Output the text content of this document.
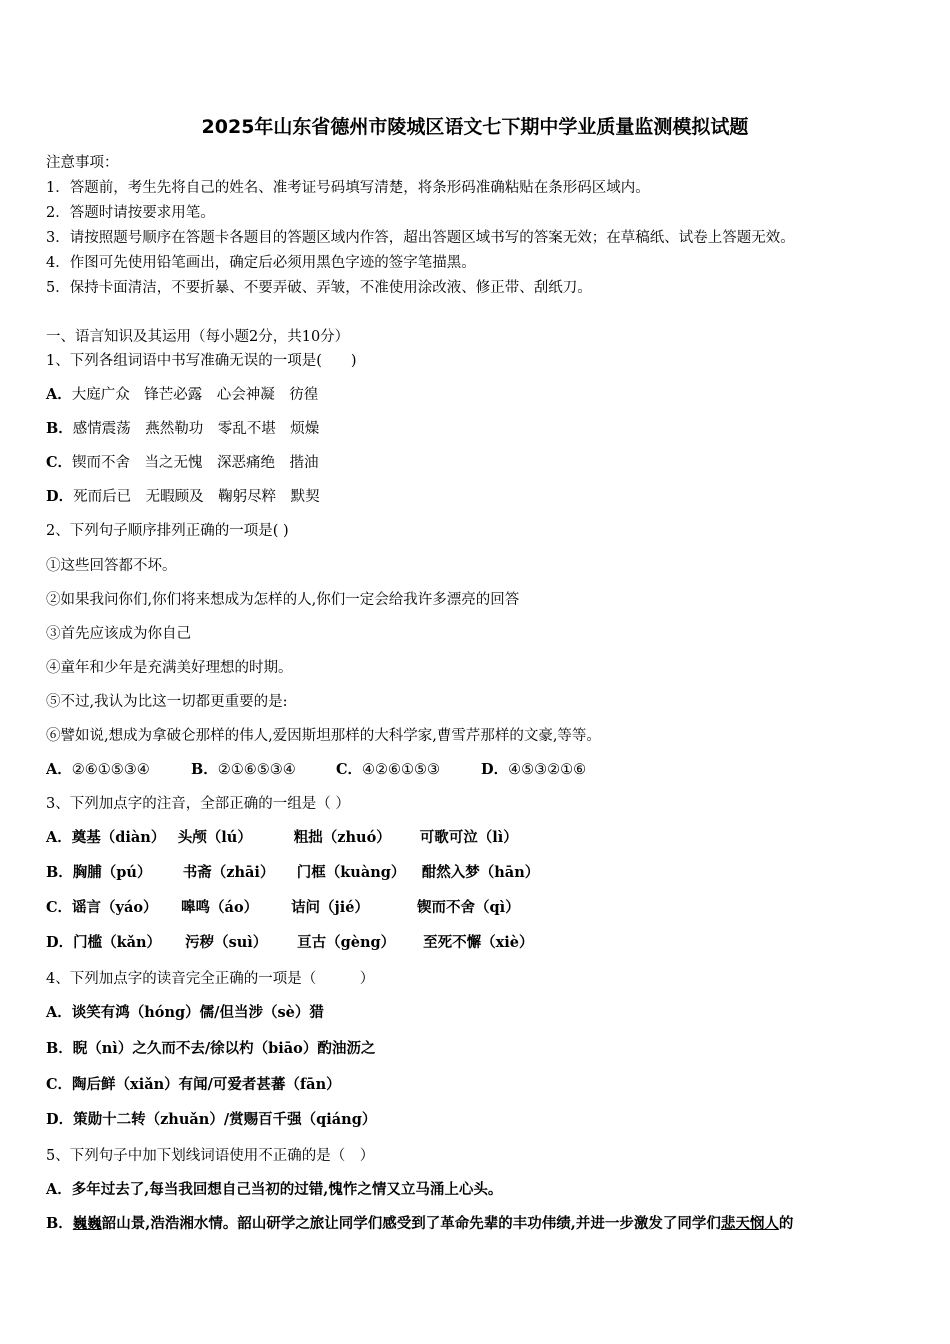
2025年山东省德州市陵城区语文七下期中学业质量监测模拟试题
注意事项：
1．答题前，考生先将自己的姓名、准考证号码填写清楚，将条形码准确粘贴在条形码区域内。
2．答题时请按要求用笔。
3．请按照题号顺序在答题卡各题目的答题区域内作答，超出答题区域书写的答案无效；在草稿纸、试卷上答题无效。
4．作图可先使用铅笔画出，确定后必须用黑色字迹的签字笔描黑。
5．保持卡面清洁，不要折暴、不要弄破、弄皱，不准使用涂改液、修正带、刮纸刀。
一、语言知识及其运用（每小题2分，共10分）
1、下列各组词语中书写准确无误的一项是(　　)
A．大庭广众　锋芒必露　心会神凝　彷徨
B．感情震荡　燕然勒功　零乱不堪　烦燥
C．锲而不舍　当之无愧　深恶痛绝　揩油
D．死而后已　无暇顾及　鞠躬尽粹　默契
2、下列句子顺序排列正确的一项是( )
①这些回答都不坏。
②如果我问你们,你们将来想成为怎样的人,你们一定会给我许多漂亮的回答
③首先应该成为你自己
④童年和少年是充满美好理想的时期。
⑤不过,我认为比这一切都更重要的是:
⑥譬如说,想成为拿破仑那样的伟人,爱因斯坦那样的大科学家,曹雪芹那样的文豪,等等。
A．②⑥①⑤③④	B．②①⑥⑤③④	C．④②⑥①⑤③	D．④⑤③②①⑥
3、下列加点字的注音，全部正确的一组是（ ）
A．奠基（diàn） 头颅（lú）	粗拙（zhuó） 可歌可泣（lì）
B．胸脯（pú） 书斋（zhāi） 门框（kuàng） 酣然入梦（hān）
C．谣言（yáo） 嗥鸣（áo） 诘问（jié）	锲而不舍（qì）
D．门槛（kǎn） 污秽（suì） 亘古（gèng） 至死不懈（xiè）
4、下列加点字的读音完全正确的一项是（　　　）
A．谈笑有鸿（hóng）儒/但当涉（sè）猎
B．睨（nì）之久而不去/徐以杓（biāo）酌油沥之
C．陶后鲜（xiǎn）有闻/可爱者甚蕃（fān）
D．策勋十二转（zhuǎn）/赏赐百千强（qiáng）
5、下列句子中加下划线词语使用不正确的是（　）
A．多年过去了,每当我回想自己当初的过错,愧怍之情又立马涌上心头。
B．巍巍韶山景,浩浩湘水情。韶山研学之旅让同学们感受到了革命先辈的丰功伟绩,并进一步激发了同学们悲天悯人的
